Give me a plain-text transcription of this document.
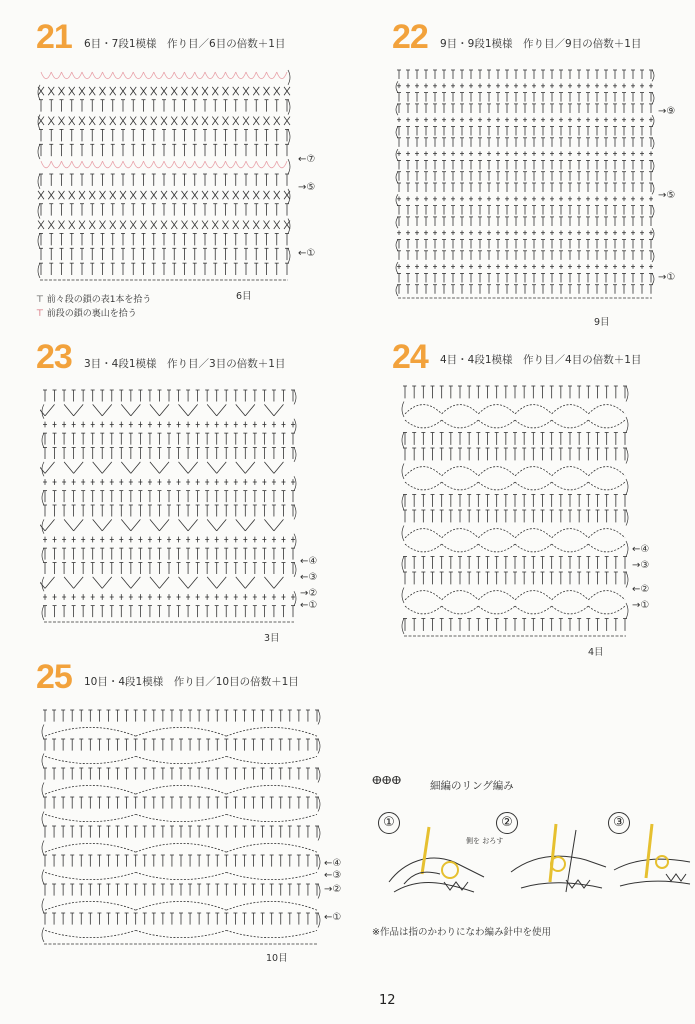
21 6目・7段1模様　作り目／6目の倍数＋1目
←⑦
→⑤
←①
6目
⊤ 前々段の鎖の表1本を拾う
⊤ 前段の鎖の裏山を拾う
22 9目・9段1模様　作り目／9目の倍数＋1目
→⑨
→⑤
→①
9目
23 3目・4段1模様　作り目／3目の倍数＋1目
←④
←③
→②
←①
3目
24 4目・4段1模様　作り目／4目の倍数＋1目
←④
→③
←②
→①
4目
25 10目・4段1模様　作り目／10目の倍数＋1目
←④
←③
→②
←①
10目
ⴲⴲⴲ	細編のリング編み
①	②	③
側を おろす
※作品は指のかわりになわ編み針中を使用
12
